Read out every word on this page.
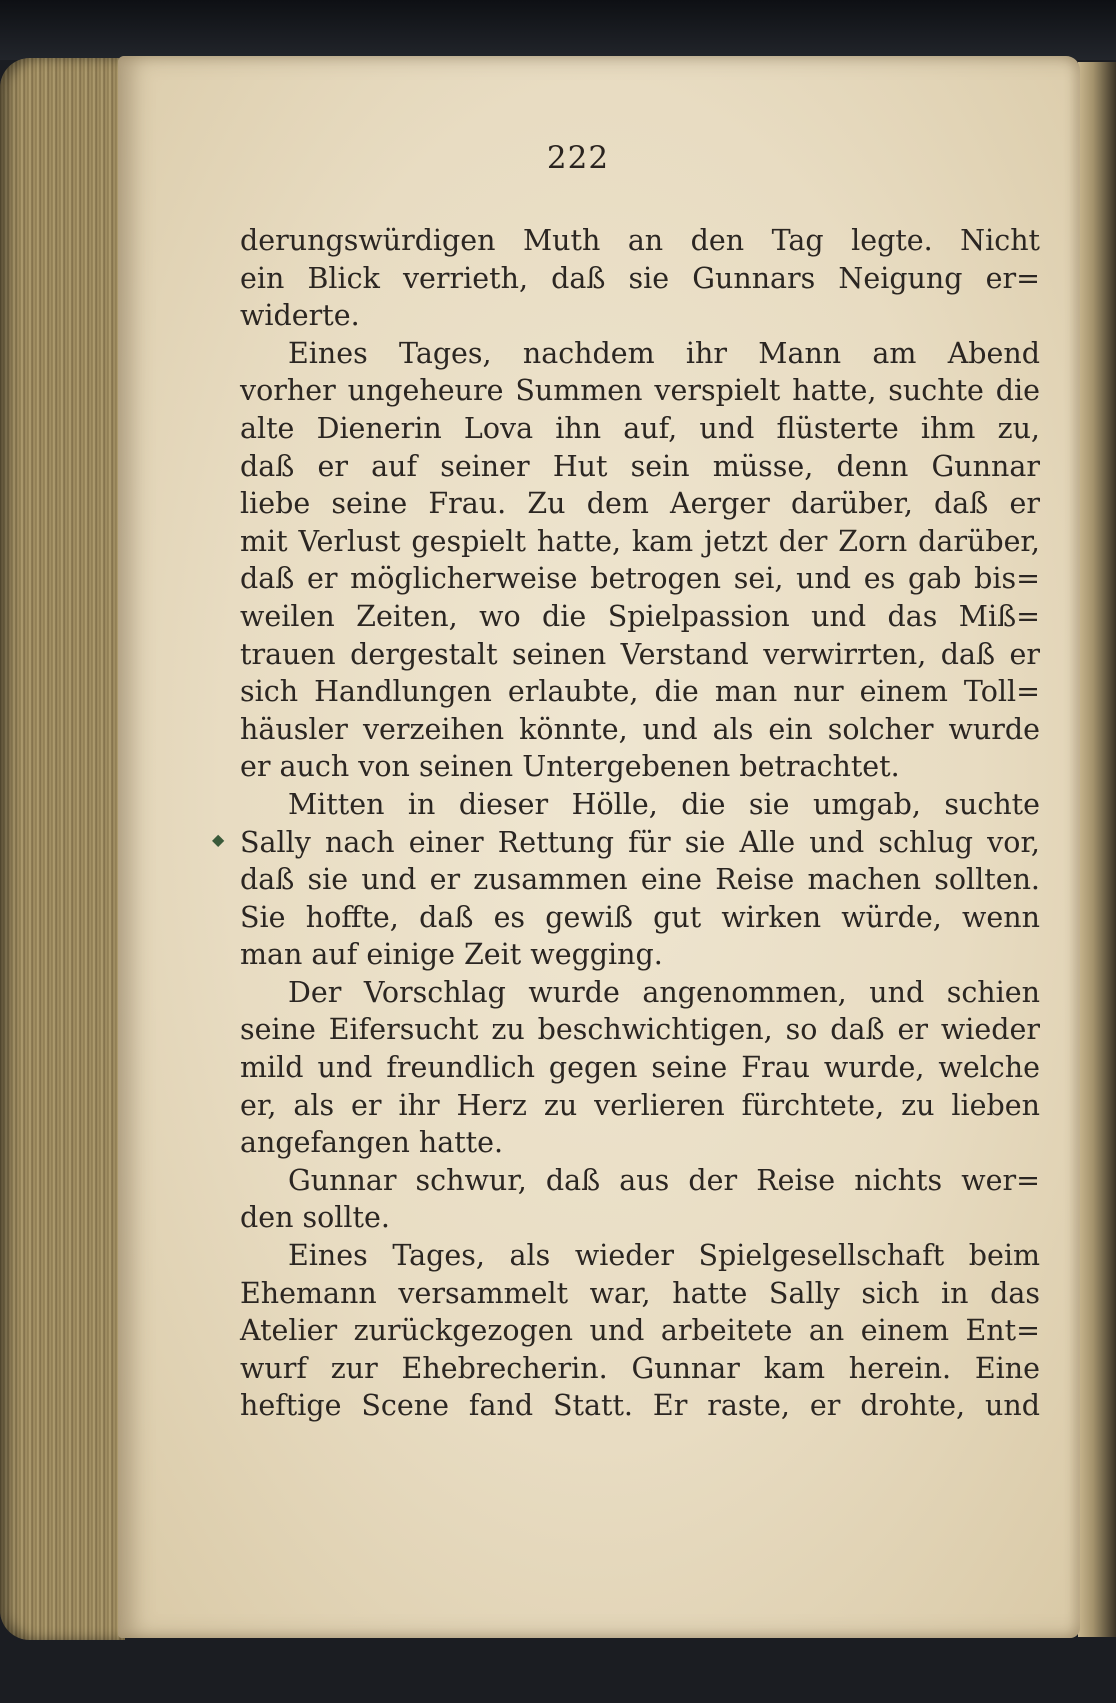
222
derungswürdigen Muth an den Tag legte. Nicht
ein Blick verrieth, daß sie Gunnars Neigung er=
widerte.
Eines Tages, nachdem ihr Mann am Abend
vorher ungeheure Summen verspielt hatte, suchte die
alte Dienerin Lova ihn auf, und flüsterte ihm zu,
daß er auf seiner Hut sein müsse, denn Gunnar
liebe seine Frau. Zu dem Aerger darüber, daß er
mit Verlust gespielt hatte, kam jetzt der Zorn darüber,
daß er möglicherweise betrogen sei, und es gab bis=
weilen Zeiten, wo die Spielpassion und das Miß=
trauen dergestalt seinen Verstand verwirrten, daß er
sich Handlungen erlaubte, die man nur einem Toll=
häusler verzeihen könnte, und als ein solcher wurde
er auch von seinen Untergebenen betrachtet.
Mitten in dieser Hölle, die sie umgab, suchte
Sally nach einer Rettung für sie Alle und schlug vor,
daß sie und er zusammen eine Reise machen sollten.
Sie hoffte, daß es gewiß gut wirken würde, wenn
man auf einige Zeit wegging.
Der Vorschlag wurde angenommen, und schien
seine Eifersucht zu beschwichtigen, so daß er wieder
mild und freundlich gegen seine Frau wurde, welche
er, als er ihr Herz zu verlieren fürchtete, zu lieben
angefangen hatte.
Gunnar schwur, daß aus der Reise nichts wer=
den sollte.
Eines Tages, als wieder Spielgesellschaft beim
Ehemann versammelt war, hatte Sally sich in das
Atelier zurückgezogen und arbeitete an einem Ent=
wurf zur Ehebrecherin. Gunnar kam herein. Eine
heftige Scene fand Statt. Er raste, er drohte, und
◆
